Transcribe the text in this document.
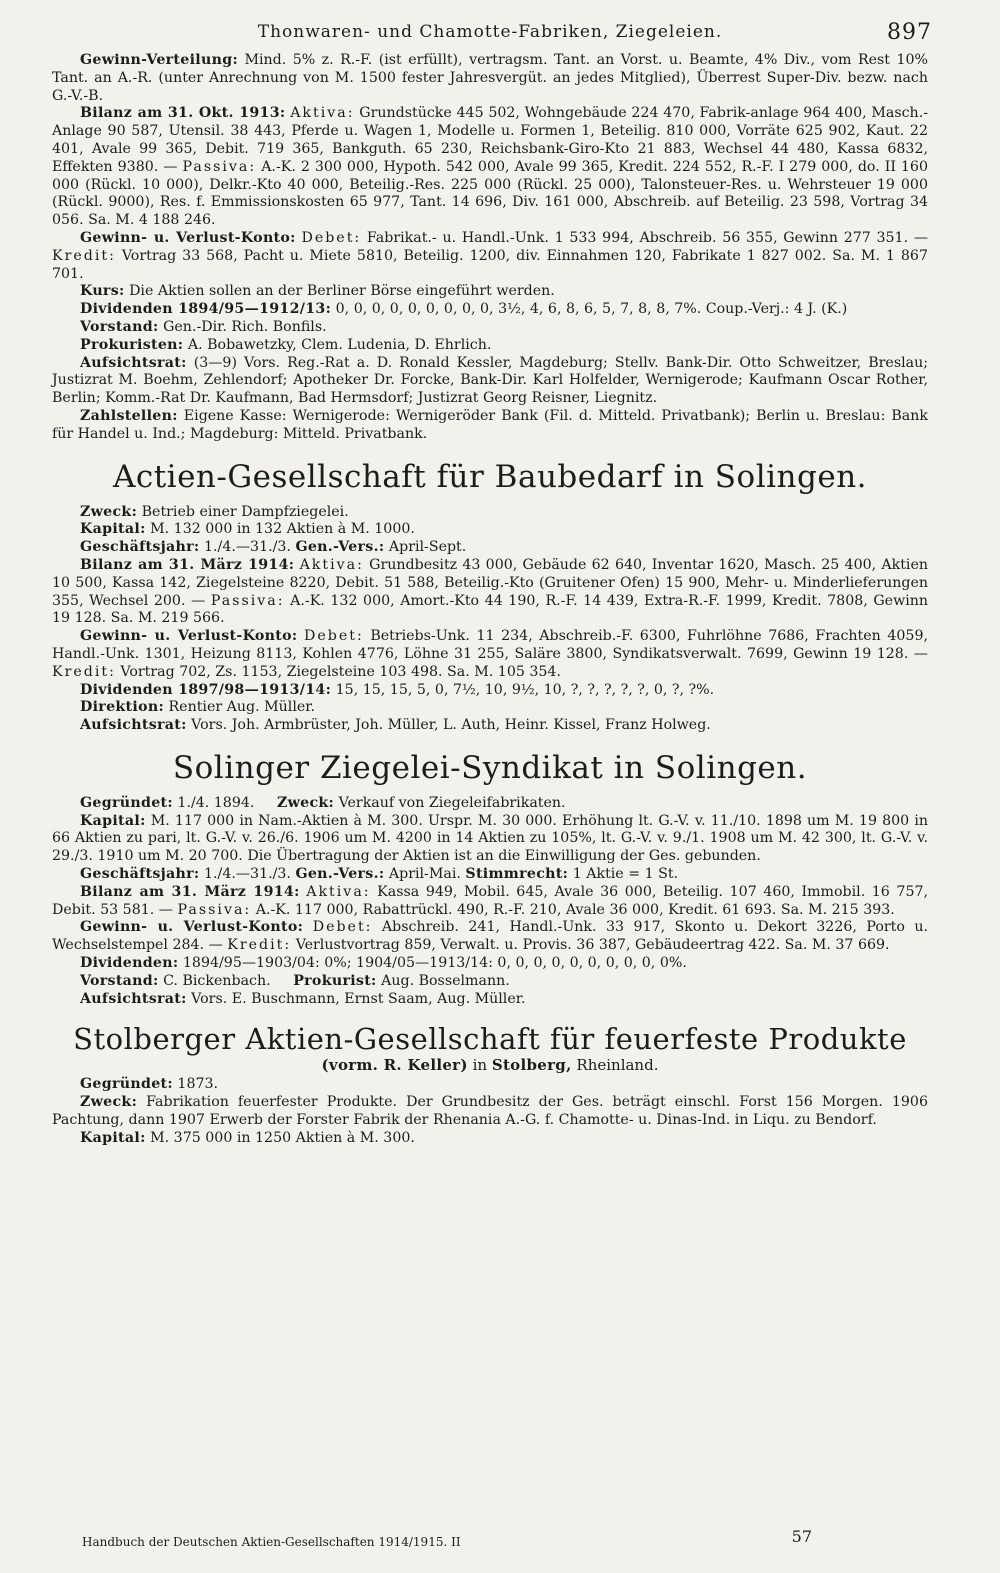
Thonwaren- und Chamotte-Fabriken, Ziegeleien.	897

Gewinn-Verteilung: Mind. 5% z. R.-F. (ist erfüllt), vertragsm. Tant. an Vorst. u. Beamte, 4% Div., vom Rest 10% Tant. an A.-R. (unter Anrechnung von M. 1500 fester Jahresvergüt. an jedes Mitglied), Überrest Super-Div. bezw. nach G.-V.-B.

Bilanz am 31. Okt. 1913: Aktiva: Grundstücke 445 502, Wohngebäude 224 470, Fabrik-anlage 964 400, Masch.-Anlage 90 587, Utensil. 38 443, Pferde u. Wagen 1, Modelle u. Formen 1, Beteilig. 810 000, Vorräte 625 902, Kaut. 22 401, Avale 99 365, Debit. 719 365, Bankguth. 65 230, Reichsbank-Giro-Kto 21 883, Wechsel 44 480, Kassa 6832, Effekten 9380. — Passiva: A.-K. 2 300 000, Hypoth. 542 000, Avale 99 365, Kredit. 224 552, R.-F. I 279 000, do. II 160 000 (Rückl. 10 000), Delkr.-Kto 40 000, Beteilig.-Res. 225 000 (Rückl. 25 000), Talonsteuer-Res. u. Wehrsteuer 19 000 (Rückl. 9000), Res. f. Emmissionskosten 65 977, Tant. 14 696, Div. 161 000, Abschreib. auf Beteilig. 23 598, Vortrag 34 056. Sa. M. 4 188 246.

Gewinn- u. Verlust-Konto: Debet: Fabrikat.- u. Handl.-Unk. 1 533 994, Abschreib. 56 355, Gewinn 277 351. — Kredit: Vortrag 33 568, Pacht u. Miete 5810, Beteilig. 1200, div. Einnahmen 120, Fabrikate 1 827 002. Sa. M. 1 867 701.

Kurs: Die Aktien sollen an der Berliner Börse eingeführt werden.

Dividenden 1894/95—1912/13: 0, 0, 0, 0, 0, 0, 0, 0, 0, 3½, 4, 6, 8, 6, 5, 7, 8, 8, 7%. Coup.-Verj.: 4 J. (K.)

Vorstand: Gen.-Dir. Rich. Bonfils.

Prokuristen: A. Bobawetzky, Clem. Ludenia, D. Ehrlich.

Aufsichtsrat: (3—9) Vors. Reg.-Rat a. D. Ronald Kessler, Magdeburg; Stellv. Bank-Dir. Otto Schweitzer, Breslau; Justizrat M. Boehm, Zehlendorf; Apotheker Dr. Forcke, Bank-Dir. Karl Holfelder, Wernigerode; Kaufmann Oscar Rother, Berlin; Komm.-Rat Dr. Kaufmann, Bad Hermsdorf; Justizrat Georg Reisner, Liegnitz.

Zahlstellen: Eigene Kasse: Wernigerode: Wernigeröder Bank (Fil. d. Mitteld. Privatbank); Berlin u. Breslau: Bank für Handel u. Ind.; Magdeburg: Mitteld. Privatbank.

Actien-Gesellschaft für Baubedarf in Solingen.

Zweck: Betrieb einer Dampfziegelei.

Kapital: M. 132 000 in 132 Aktien à M. 1000.

Geschäftsjahr: 1./4.—31./3. Gen.-Vers.: April-Sept.

Bilanz am 31. März 1914: Aktiva: Grundbesitz 43 000, Gebäude 62 640, Inventar 1620, Masch. 25 400, Aktien 10 500, Kassa 142, Ziegelsteine 8220, Debit. 51 588, Beteilig.-Kto (Gruitener Ofen) 15 900, Mehr- u. Minderlieferungen 355, Wechsel 200. — Passiva: A.-K. 132 000, Amort.-Kto 44 190, R.-F. 14 439, Extra-R.-F. 1999, Kredit. 7808, Gewinn 19 128. Sa. M. 219 566.

Gewinn- u. Verlust-Konto: Debet: Betriebs-Unk. 11 234, Abschreib.-F. 6300, Fuhrlöhne 7686, Frachten 4059, Handl.-Unk. 1301, Heizung 8113, Kohlen 4776, Löhne 31 255, Saläre 3800, Syndikatsverwalt. 7699, Gewinn 19 128. — Kredit: Vortrag 702, Zs. 1153, Ziegelsteine 103 498. Sa. M. 105 354.

Dividenden 1897/98—1913/14: 15, 15, 15, 5, 0, 7½, 10, 9½, 10, ?, ?, ?, ?, ?, 0, ?, ?%.

Direktion: Rentier Aug. Müller.

Aufsichtsrat: Vors. Joh. Armbrüster, Joh. Müller, L. Auth, Heinr. Kissel, Franz Holweg.

Solinger Ziegelei-Syndikat in Solingen.

Gegründet: 1./4. 1894. Zweck: Verkauf von Ziegeleifabrikaten.

Kapital: M. 117 000 in Nam.-Aktien à M. 300. Urspr. M. 30 000. Erhöhung lt. G.-V. v. 11./10. 1898 um M. 19 800 in 66 Aktien zu pari, lt. G.-V. v. 26./6. 1906 um M. 4200 in 14 Aktien zu 105%, lt. G.-V. v. 9./1. 1908 um M. 42 300, lt. G.-V. v. 29./3. 1910 um M. 20 700. Die Übertragung der Aktien ist an die Einwilligung der Ges. gebunden.

Geschäftsjahr: 1./4.—31./3. Gen.-Vers.: April-Mai. Stimmrecht: 1 Aktie = 1 St.

Bilanz am 31. März 1914: Aktiva: Kassa 949, Mobil. 645, Avale 36 000, Beteilig. 107 460, Immobil. 16 757, Debit. 53 581. — Passiva: A.-K. 117 000, Rabattrückl. 490, R.-F. 210, Avale 36 000, Kredit. 61 693. Sa. M. 215 393.

Gewinn- u. Verlust-Konto: Debet: Abschreib. 241, Handl.-Unk. 33 917, Skonto u. Dekort 3226, Porto u. Wechselstempel 284. — Kredit: Verlustvortrag 859, Verwalt. u. Provis. 36 387, Gebäudeertrag 422. Sa. M. 37 669.

Dividenden: 1894/95—1903/04: 0%; 1904/05—1913/14: 0, 0, 0, 0, 0, 0, 0, 0, 0, 0%.

Vorstand: C. Bickenbach. Prokurist: Aug. Bosselmann.

Aufsichtsrat: Vors. E. Buschmann, Ernst Saam, Aug. Müller.

Stolberger Aktien-Gesellschaft für feuerfeste Produkte
(vorm. R. Keller) in Stolberg, Rheinland.

Gegründet: 1873.

Zweck: Fabrikation feuerfester Produkte. Der Grundbesitz der Ges. beträgt einschl. Forst 156 Morgen. 1906 Pachtung, dann 1907 Erwerb der Forster Fabrik der Rhenania A.-G. f. Chamotte- u. Dinas-Ind. in Liqu. zu Bendorf.

Kapital: M. 375 000 in 1250 Aktien à M. 300.

Handbuch der Deutschen Aktien-Gesellschaften 1914/1915. II	57
